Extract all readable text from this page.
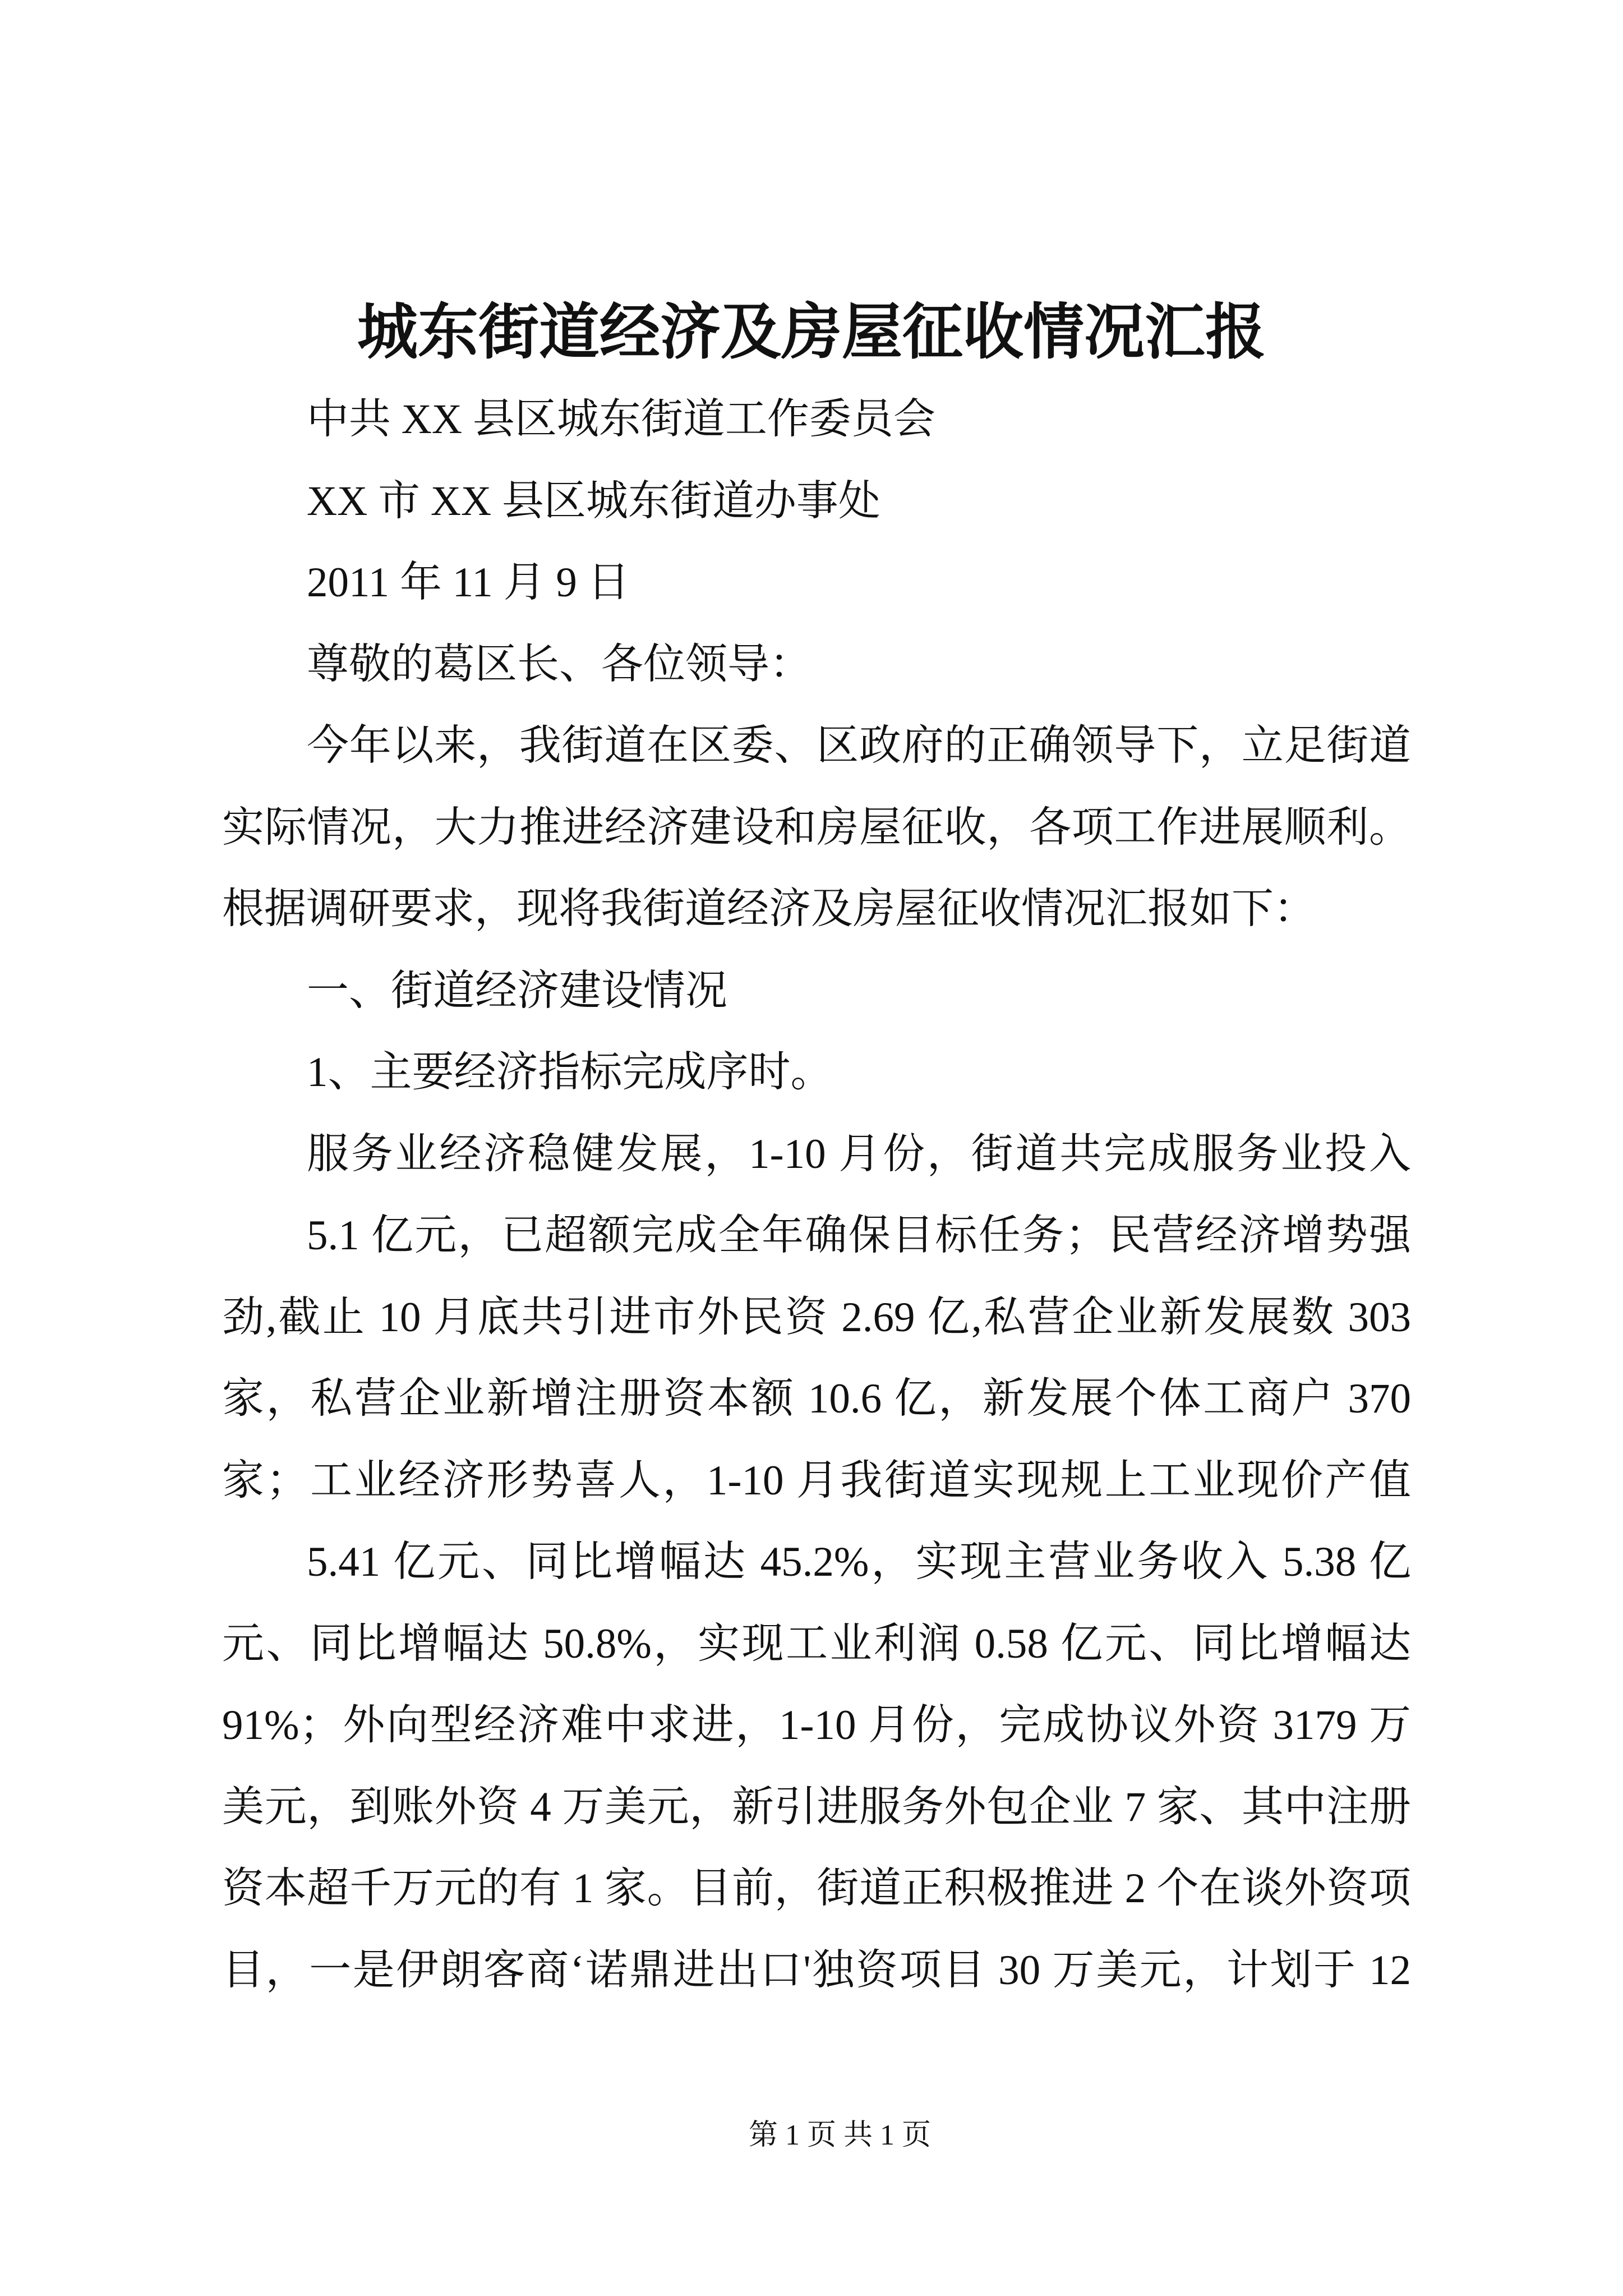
城东街道经济及房屋征收情况汇报
中共 XX 县区城东街道工作委员会
XX 市 XX 县区城东街道办事处
2011 年 11 月 9 日
尊敬的葛区长、各位领导：
今年以来，我街道在区委、区政府的正确领导下，立足街道
实际情况，大力推进经济建设和房屋征收，各项工作进展顺利。
根据调研要求，现将我街道经济及房屋征收情况汇报如下：
一、街道经济建设情况
1、主要经济指标完成序时。
服务业经济稳健发展，1-10 月份，街道共完成服务业投入
5.1 亿元，已超额完成全年确保目标任务；民营经济增势强
劲,截止 10 月底共引进市外民资 2.69 亿,私营企业新发展数 303
家，私营企业新增注册资本额 10.6 亿，新发展个体工商户 370
家；工业经济形势喜人，1-10 月我街道实现规上工业现价产值
5.41 亿元、同比增幅达 45.2%，实现主营业务收入 5.38 亿
元、同比增幅达 50.8%，实现工业利润 0.58 亿元、同比增幅达
91%；外向型经济难中求进，1-10 月份，完成协议外资 3179 万
美元，到账外资 4 万美元，新引进服务外包企业 7 家、其中注册
资本超千万元的有 1 家。目前，街道正积极推进 2 个在谈外资项
目，一是伊朗客商‘诺鼎进出口'独资项目 30 万美元，计划于 12
第 1 页 共 1 页
